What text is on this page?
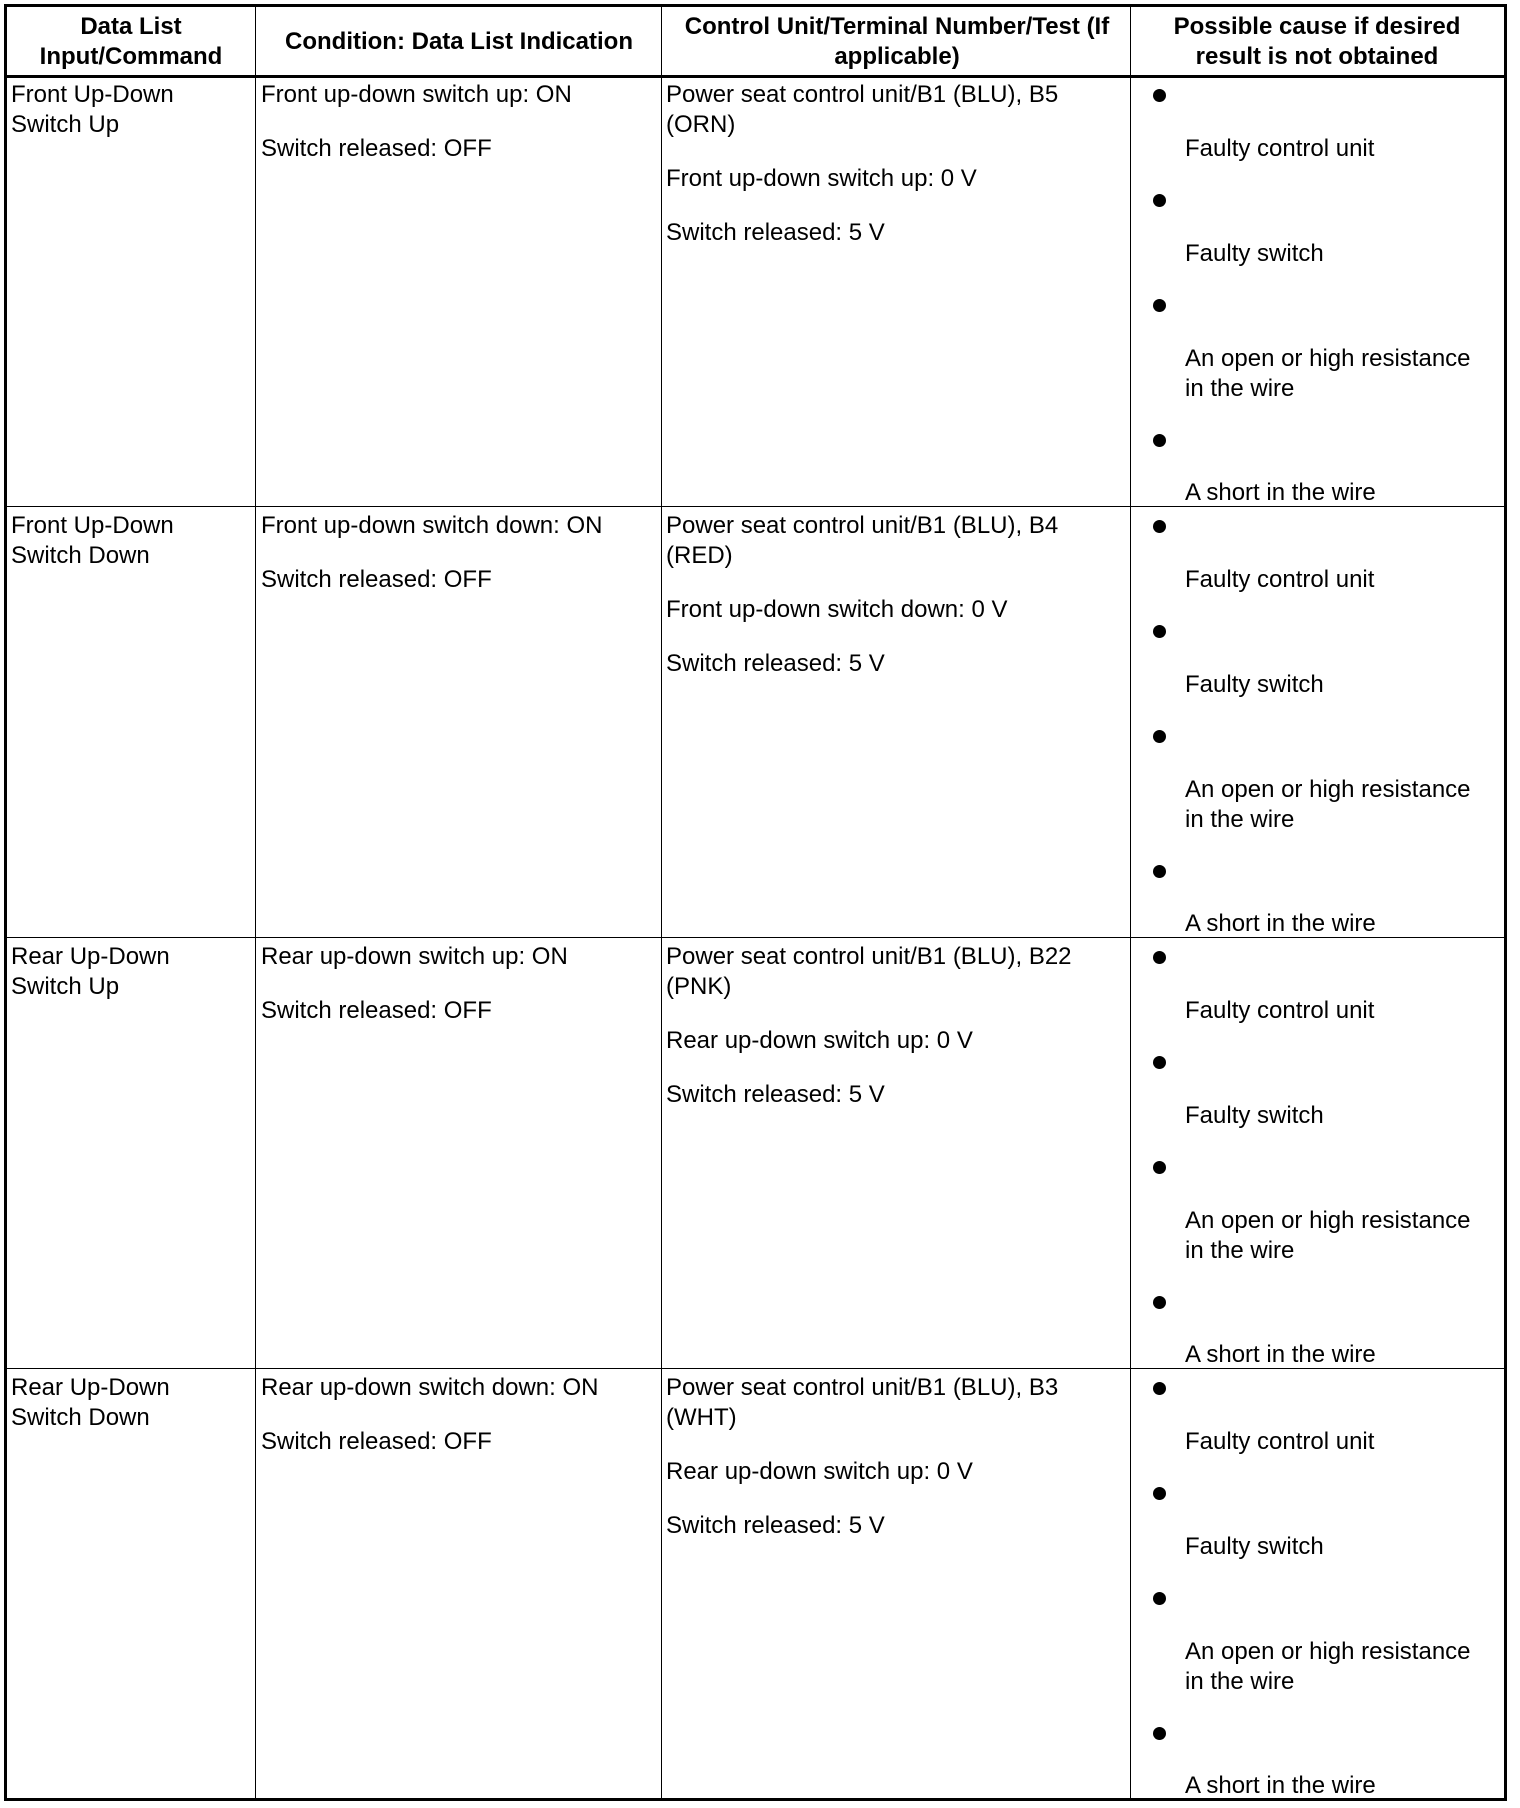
Data List Input/Command
Condition: Data List Indication
Control Unit/Terminal Number/Test (If applicable)
Possible cause if desired result is not obtained
Front Up-Down
Switch Up
Front up-down switch up: ON
Switch released: OFF
Power seat control unit/B1 (BLU), B5
(ORN)
Front up-down switch up: 0 V
Switch released: 5 V
Faulty control unit
Faulty switch
An open or high resistance
in the wire
A short in the wire
Front Up-Down
Switch Down
Front up-down switch down: ON
Switch released: OFF
Power seat control unit/B1 (BLU), B4
(RED)
Front up-down switch down: 0 V
Switch released: 5 V
Faulty control unit
Faulty switch
An open or high resistance
in the wire
A short in the wire
Rear Up-Down
Switch Up
Rear up-down switch up: ON
Switch released: OFF
Power seat control unit/B1 (BLU), B22
(PNK)
Rear up-down switch up: 0 V
Switch released: 5 V
Faulty control unit
Faulty switch
An open or high resistance
in the wire
A short in the wire
Rear Up-Down
Switch Down
Rear up-down switch down: ON
Switch released: OFF
Power seat control unit/B1 (BLU), B3
(WHT)
Rear up-down switch up: 0 V
Switch released: 5 V
Faulty control unit
Faulty switch
An open or high resistance
in the wire
A short in the wire
